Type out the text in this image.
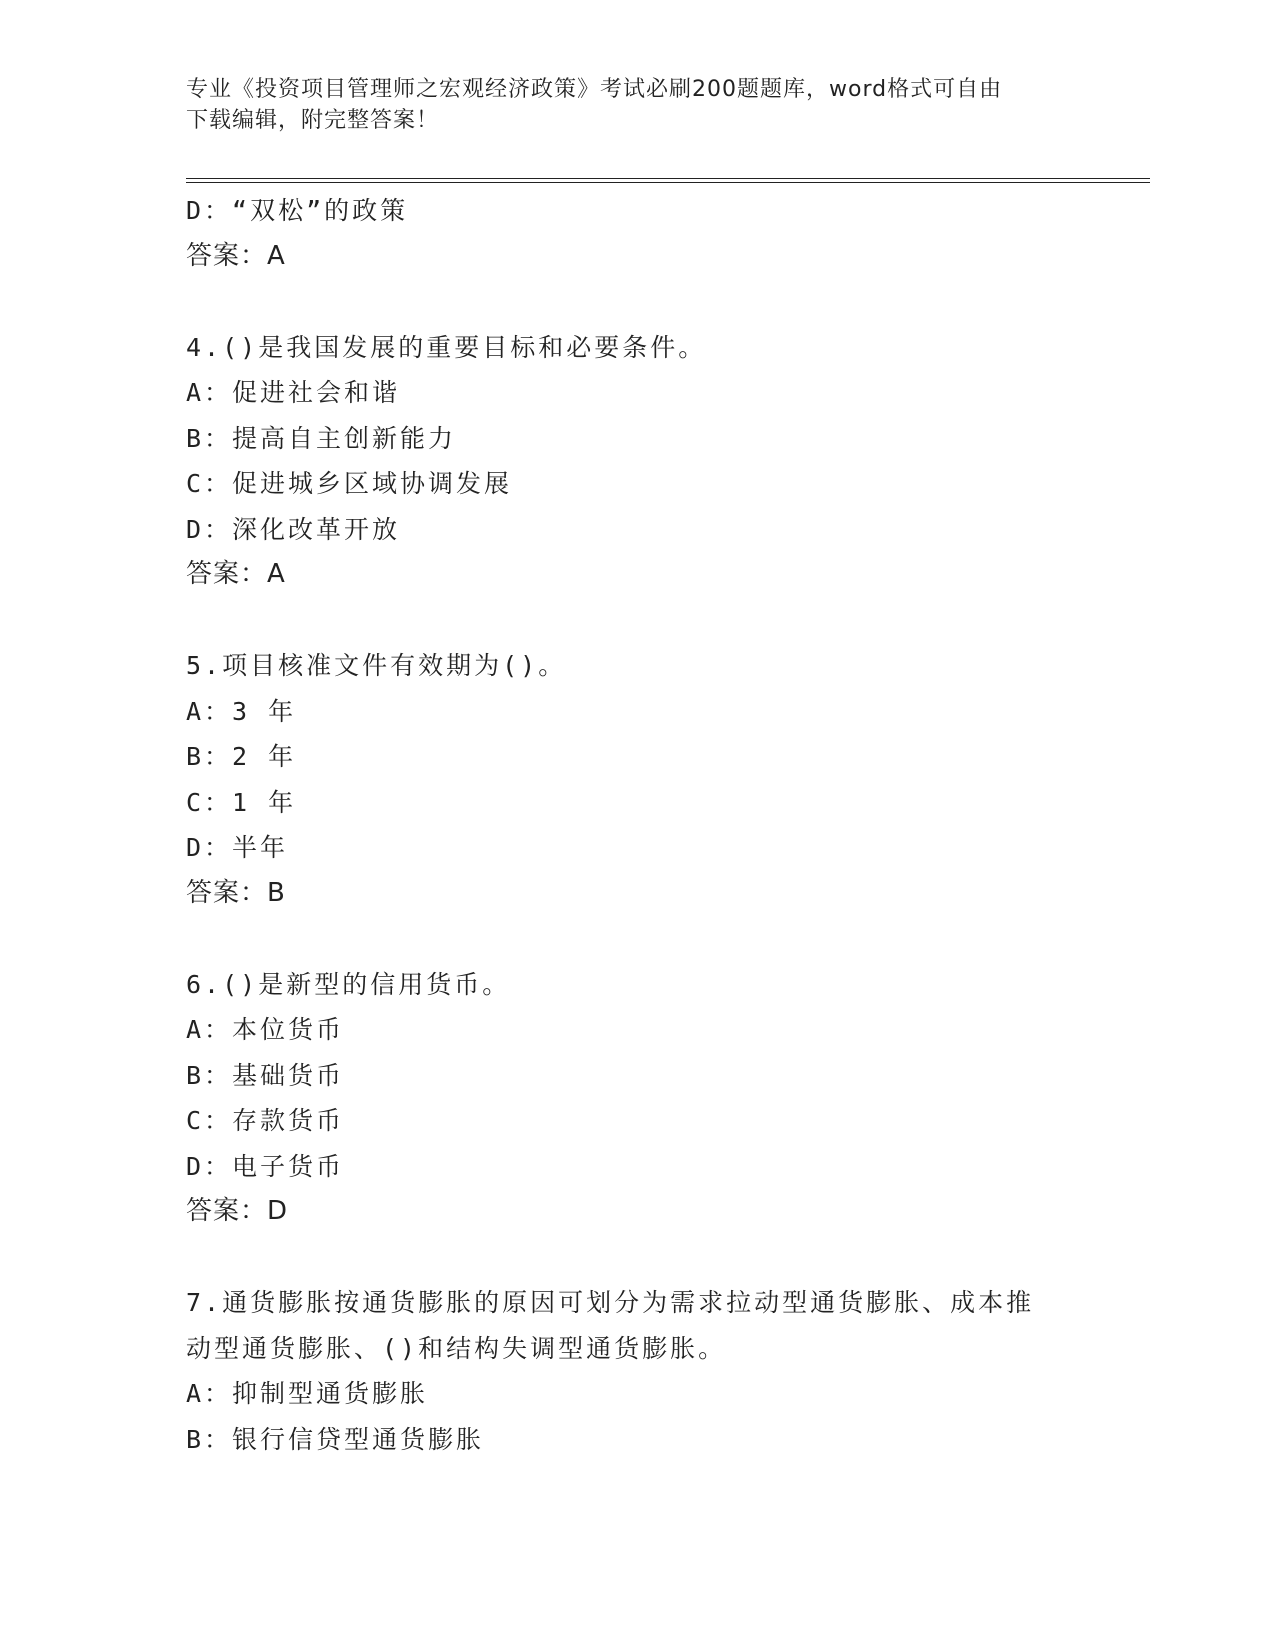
专业《投资项目管理师之宏观经济政策》考试必刷200题题库，word格式可自由
下载编辑，附完整答案！
D：“双松”的政策
答案：A
4.()是我国发展的重要目标和必要条件。
A：促进社会和谐
B：提高自主创新能力
C：促进城乡区域协调发展
D：深化改革开放
答案：A
5.项目核准文件有效期为()。
A：3 年
B：2 年
C：1 年
D：半年
答案：B
6.()是新型的信用货币。
A：本位货币
B：基础货币
C：存款货币
D：电子货币
答案：D
7.通货膨胀按通货膨胀的原因可划分为需求拉动型通货膨胀、成本推
动型通货膨胀、()和结构失调型通货膨胀。
A：抑制型通货膨胀
B：银行信贷型通货膨胀
